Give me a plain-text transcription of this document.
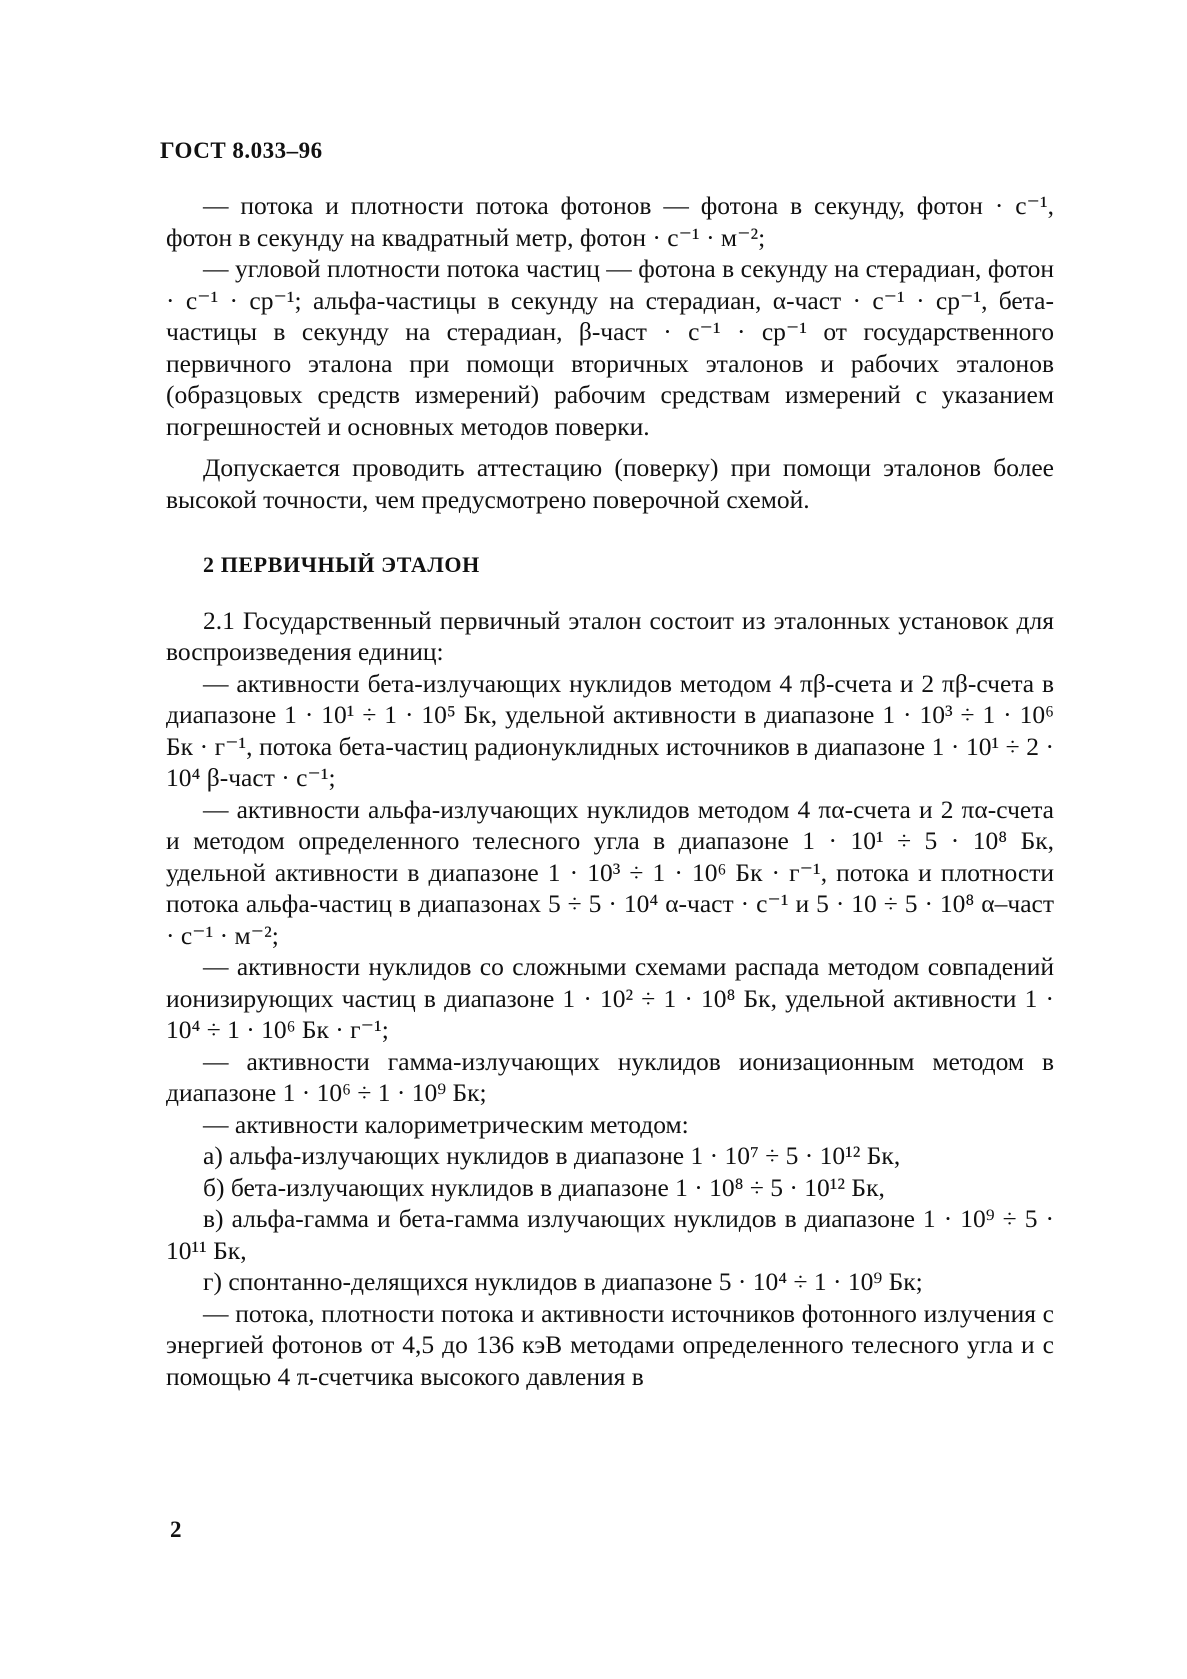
ГОСТ 8.033–96

— потока и плотности потока фотонов — фотона в секунду, фотон · с⁻¹, фотон в секунду на квадратный метр, фотон · с⁻¹ · м⁻²;

— угловой плотности потока частиц — фотона в секунду на стерадиан, фотон · с⁻¹ · ср⁻¹; альфа-частицы в секунду на стерадиан, α-част · с⁻¹ · ср⁻¹, бета-частицы в секунду на стерадиан, β-част · с⁻¹ · ср⁻¹ от государственного первичного эталона при помощи вторичных эталонов и рабочих эталонов (образцовых средств измерений) рабочим средствам измерений с указанием погрешностей и основных методов поверки.

Допускается проводить аттестацию (поверку) при помощи эталонов более высокой точности, чем предусмотрено поверочной схемой.

2 ПЕРВИЧНЫЙ ЭТАЛОН

2.1 Государственный первичный эталон состоит из эталонных установок для воспроизведения единиц:

— активности бета-излучающих нуклидов методом 4 πβ-счета и 2 πβ-счета в диапазоне 1 · 10¹ ÷ 1 · 10⁵ Бк, удельной активности в диапазоне 1 · 10³ ÷ 1 · 10⁶ Бк · г⁻¹, потока бета-частиц радионуклидных источников в диапазоне 1 · 10¹ ÷ 2 · 10⁴ β-част · с⁻¹;

— активности альфа-излучающих нуклидов методом 4 πα-счета и 2 πα-счета и методом определенного телесного угла в диапазоне 1 · 10¹ ÷ 5 · 10⁸ Бк, удельной активности в диапазоне 1 · 10³ ÷ 1 · 10⁶ Бк · г⁻¹, потока и плотности потока альфа-частиц в диапазонах 5 ÷ 5 · 10⁴ α-част · с⁻¹ и 5 · 10 ÷ 5 · 10⁸ α–част · с⁻¹ · м⁻²;

— активности нуклидов со сложными схемами распада методом совпадений ионизирующих частиц в диапазоне 1 · 10² ÷ 1 · 10⁸ Бк, удельной активности 1 · 10⁴ ÷ 1 · 10⁶ Бк · г⁻¹;

— активности гамма-излучающих нуклидов ионизационным методом в диапазоне 1 · 10⁶ ÷ 1 · 10⁹ Бк;

— активности калориметрическим методом:

а) альфа-излучающих нуклидов в диапазоне 1 · 10⁷ ÷ 5 · 10¹² Бк,

б) бета-излучающих нуклидов в диапазоне 1 · 10⁸ ÷ 5 · 10¹² Бк,

в) альфа-гамма и бета-гамма излучающих нуклидов в диапазоне 1 · 10⁹ ÷ 5 · 10¹¹ Бк,

г) спонтанно-делящихся нуклидов в диапазоне 5 · 10⁴ ÷ 1 · 10⁹ Бк;

— потока, плотности потока и активности источников фотонного излучения с энергией фотонов от 4,5 до 136 кэВ методами определенного телесного угла и с помощью 4 π-счетчика высокого давления в

2
